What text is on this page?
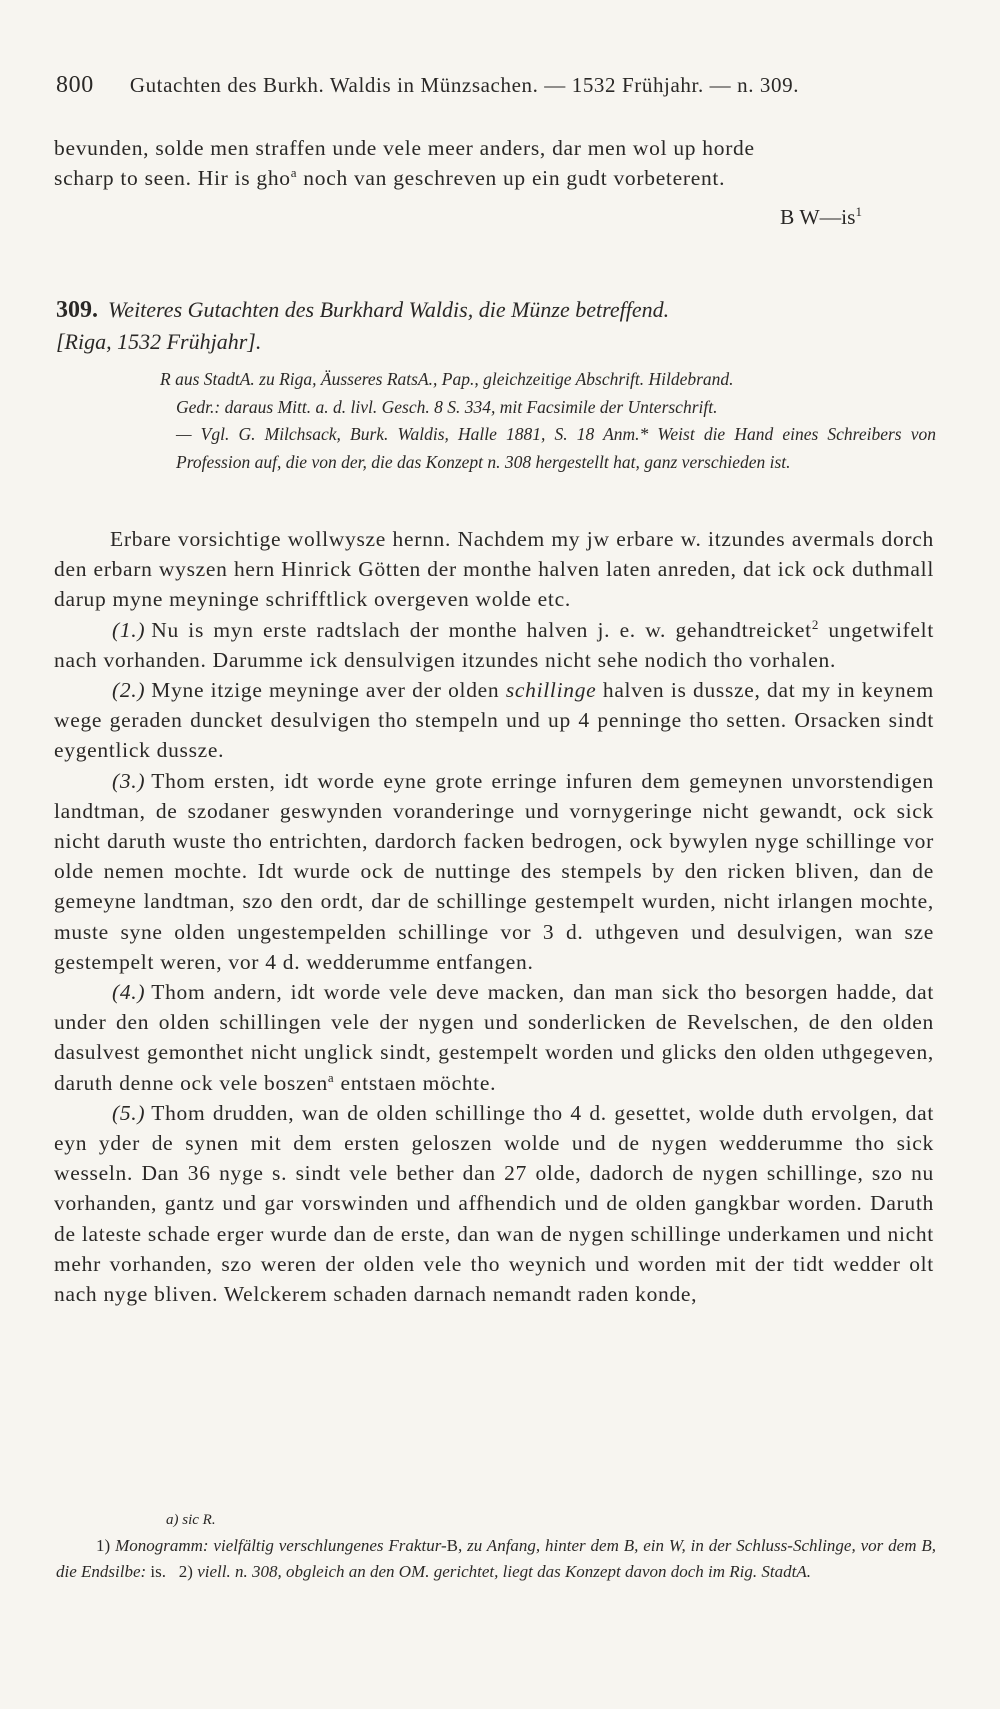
800 Gutachten des Burkh. Waldis in Münzsachen. — 1532 Frühjahr. — n. 309.
bevunden, solde men straffen unde vele meer anders, dar men wol up horde
scharp to seen. Hir is gho$^a$ noch van geschreven up ein gudt vorbeterent.
B $W—is^1$
309. Weiteres Gutachten des Burkhard Waldis, die Münze betreffend.
[Riga, 1532 Frühjahr].

R aus StadtA. zu Riga, Äusseres RatsA., Pap., gleichzeitige Abschrift. Hildebrand.

Gedr.: daraus Mitt. a. d. livl. Gesch. 8 S. 334, mit Facsimile der Unterschrift.

— Vgl. G. Milchsack, Burk. Waldis, Halle 1881, S. 18 Anm.* Weist die Hand eines Schreibers von Profession auf, die von der, die das Konzept n. 308 hergestellt hat, ganz verschieden ist.

Erbare vorsichtige wollwysze hernn. Nachdem my jw erbare w. itzundes avermals dorch den erbarn wyszen hern Hinrick Götten der monthe halven laten anreden, dat ick ock duthmall darup myne meyninge schrifftlick overgeven wolde etc.

(1.) Nu is myn erste radtslach der monthe halven j. e. w. gehandtreicket$^2$ ungetwifelt nach vorhanden. Darumme ick densulvigen itzundes nicht sehe nodich tho vorhalen.

(2.) Myne itzige meyninge aver der olden schillinge halven is dussze, dat my in keynem wege geraden duncket desulvigen tho stempeln und up 4 penninge tho setten. Orsacken sindt eygentlick dussze.

(3.) Thom ersten, idt worde eyne grote erringe infuren dem gemeynen unvorstendigen landtman, de szodaner geswynden voranderinge und vornygeringe nicht gewandt, ock sick nicht daruth wuste tho entrichten, dardorch facken bedrogen, ock bywylen nyge schillinge vor olde nemen mochte. Idt wurde ock de nuttinge des stempels by den ricken bliven, dan de gemeyne landtman, szo den ordt, dar de schillinge gestempelt wurden, nicht irlangen mochte, muste syne olden ungestempelden schillinge vor 3 d. uthgeven und desulvigen, wan sze gestempelt weren, vor 4 d. wedderumme entfangen.

(4.) Thom andern, idt worde vele deve macken, dan man sick tho besorgen hadde, dat under den olden schillingen vele der nygen und sonderlicken de Revelschen, de den olden dasulvest gemonthet nicht unglick sindt, gestempelt worden und glicks den olden uthgegeven, daruth denne ock vele boszen$^a$ entstaen möchte.

(5.) Thom drudden, wan de olden schillinge tho 4 d. gesettet, wolde duth ervolgen, dat eyn yder de synen mit dem ersten geloszen wolde und de nygen wedderumme tho sick wesseln. Dan 36 nyge s. sindt vele bether dan 27 olde, dadorch de nygen schillinge, szo nu vorhanden, gantz und gar vorswinden und affhendich und de olden gangkbar worden. Daruth de lateste schade erger wurde dan de erste, dan wan de nygen schillinge underkamen und nicht mehr vorhanden, szo weren der olden vele tho weynich und worden mit der tidt wedder olt nach nyge bliven. Welckerem schaden darnach nemandt raden konde,

a) sic R.
1) Monogramm: vielfältig verschlungenes Fraktur-B, zu Anfang, hinter dem B, ein W, in der Schluss-Schlinge, vor dem B, die Endsilbe: is. 2) viell. n. 308, obgleich an den OM. gerichtet, liegt das Konzept davon doch im Rig. StadtA.
